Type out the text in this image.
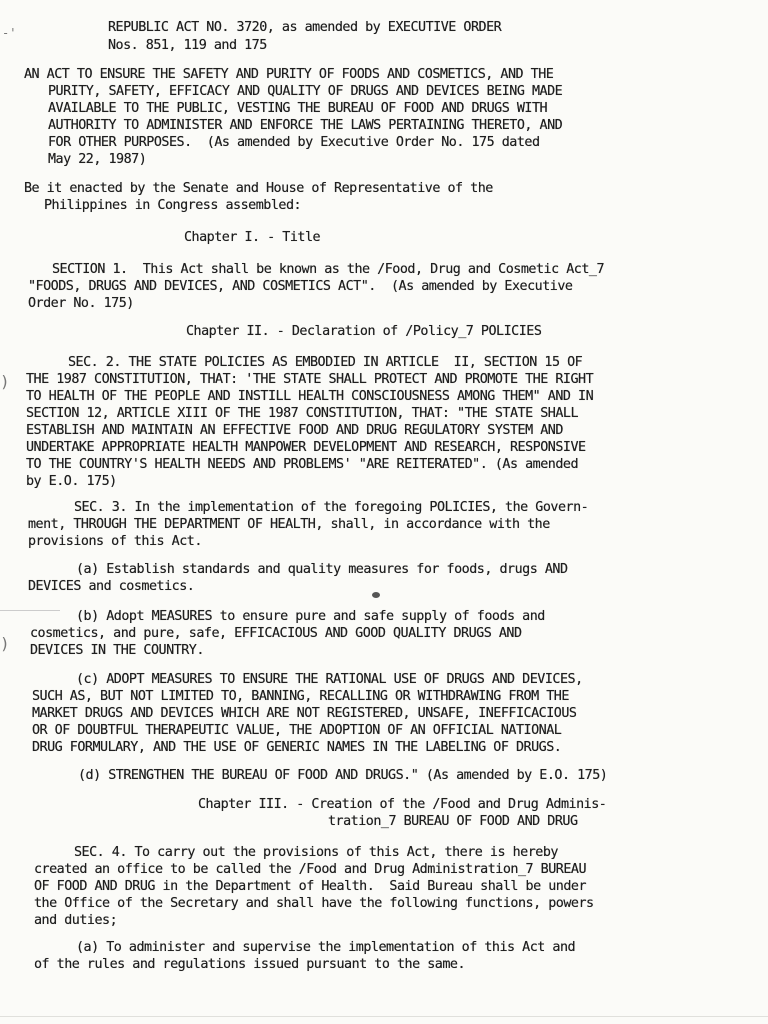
REPUBLIC ACT NO. 3720, as amended by EXECUTIVE ORDER
Nos. 851, 119 and 175
AN ACT TO ENSURE THE SAFETY AND PURITY OF FOODS AND COSMETICS, AND THE
PURITY, SAFETY, EFFICACY AND QUALITY OF DRUGS AND DEVICES BEING MADE
AVAILABLE TO THE PUBLIC, VESTING THE BUREAU OF FOOD AND DRUGS WITH
AUTHORITY TO ADMINISTER AND ENFORCE THE LAWS PERTAINING THERETO, AND
FOR OTHER PURPOSES.  (As amended by Executive Order No. 175 dated
May 22, 1987)
Be it enacted by the Senate and House of Representative of the
Philippines in Congress assembled:
Chapter I. - Title
SECTION 1.  This Act shall be known as the /Food, Drug and Cosmetic Act_7
"FOODS, DRUGS AND DEVICES, AND COSMETICS ACT".  (As amended by Executive
Order No. 175)
Chapter II. - Declaration of /Policy_7 POLICIES
SEC. 2. THE STATE POLICIES AS EMBODIED IN ARTICLE  II, SECTION 15 OF
THE 1987 CONSTITUTION, THAT: 'THE STATE SHALL PROTECT AND PROMOTE THE RIGHT
TO HEALTH OF THE PEOPLE AND INSTILL HEALTH CONSCIOUSNESS AMONG THEM" AND IN
SECTION 12, ARTICLE XIII OF THE 1987 CONSTITUTION, THAT: "THE STATE SHALL
ESTABLISH AND MAINTAIN AN EFFECTIVE FOOD AND DRUG REGULATORY SYSTEM AND
UNDERTAKE APPROPRIATE HEALTH MANPOWER DEVELOPMENT AND RESEARCH, RESPONSIVE
TO THE COUNTRY'S HEALTH NEEDS AND PROBLEMS' "ARE REITERATED". (As amended
by E.O. 175)
SEC. 3. In the implementation of the foregoing POLICIES, the Govern-
ment, THROUGH THE DEPARTMENT OF HEALTH, shall, in accordance with the
provisions of this Act.
(a) Establish standards and quality measures for foods, drugs AND
DEVICES and cosmetics.
(b) Adopt MEASURES to ensure pure and safe supply of foods and
cosmetics, and pure, safe, EFFICACIOUS AND GOOD QUALITY DRUGS AND
DEVICES IN THE COUNTRY.
(c) ADOPT MEASURES TO ENSURE THE RATIONAL USE OF DRUGS AND DEVICES,
SUCH AS, BUT NOT LIMITED TO, BANNING, RECALLING OR WITHDRAWING FROM THE
MARKET DRUGS AND DEVICES WHICH ARE NOT REGISTERED, UNSAFE, INEFFICACIOUS
OR OF DOUBTFUL THERAPEUTIC VALUE, THE ADOPTION OF AN OFFICIAL NATIONAL
DRUG FORMULARY, AND THE USE OF GENERIC NAMES IN THE LABELING OF DRUGS.
(d) STRENGTHEN THE BUREAU OF FOOD AND DRUGS." (As amended by E.O. 175)
Chapter III. - Creation of the /Food and Drug Adminis-
tration_7 BUREAU OF FOOD AND DRUG
SEC. 4. To carry out the provisions of this Act, there is hereby
created an office to be called the /Food and Drug Administration_7 BUREAU
OF FOOD AND DRUG in the Department of Health.  Said Bureau shall be under
the Office of the Secretary and shall have the following functions, powers
and duties;
(a) To administer and supervise the implementation of this Act and
of the rules and regulations issued pursuant to the same.
-'
)
)
